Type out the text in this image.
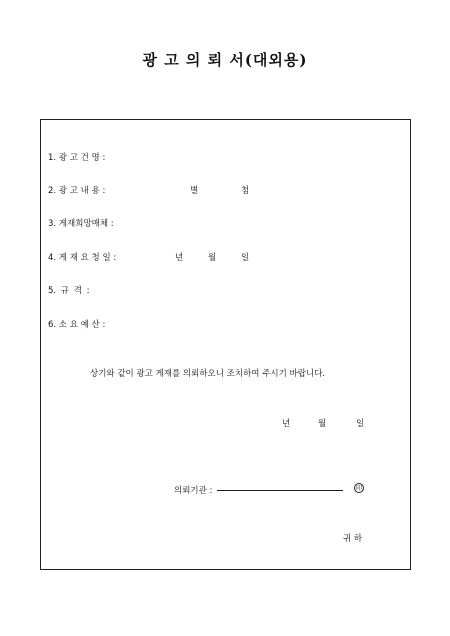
광 고 의 뢰 서(대외용)
1. 광 고 건 명 :
2. 광 고 내 용 :	별	첨
3. 게재희망매체 :
4. 게 재 요 청 일 :	년	월	일
5. 규 격 :
6. 소 요 예 산 :
상기와 같이 광고 게재를 의뢰하오니 조치하여 주시기 바랍니다.
년	월	일
의뢰기관 :	印
귀 하
